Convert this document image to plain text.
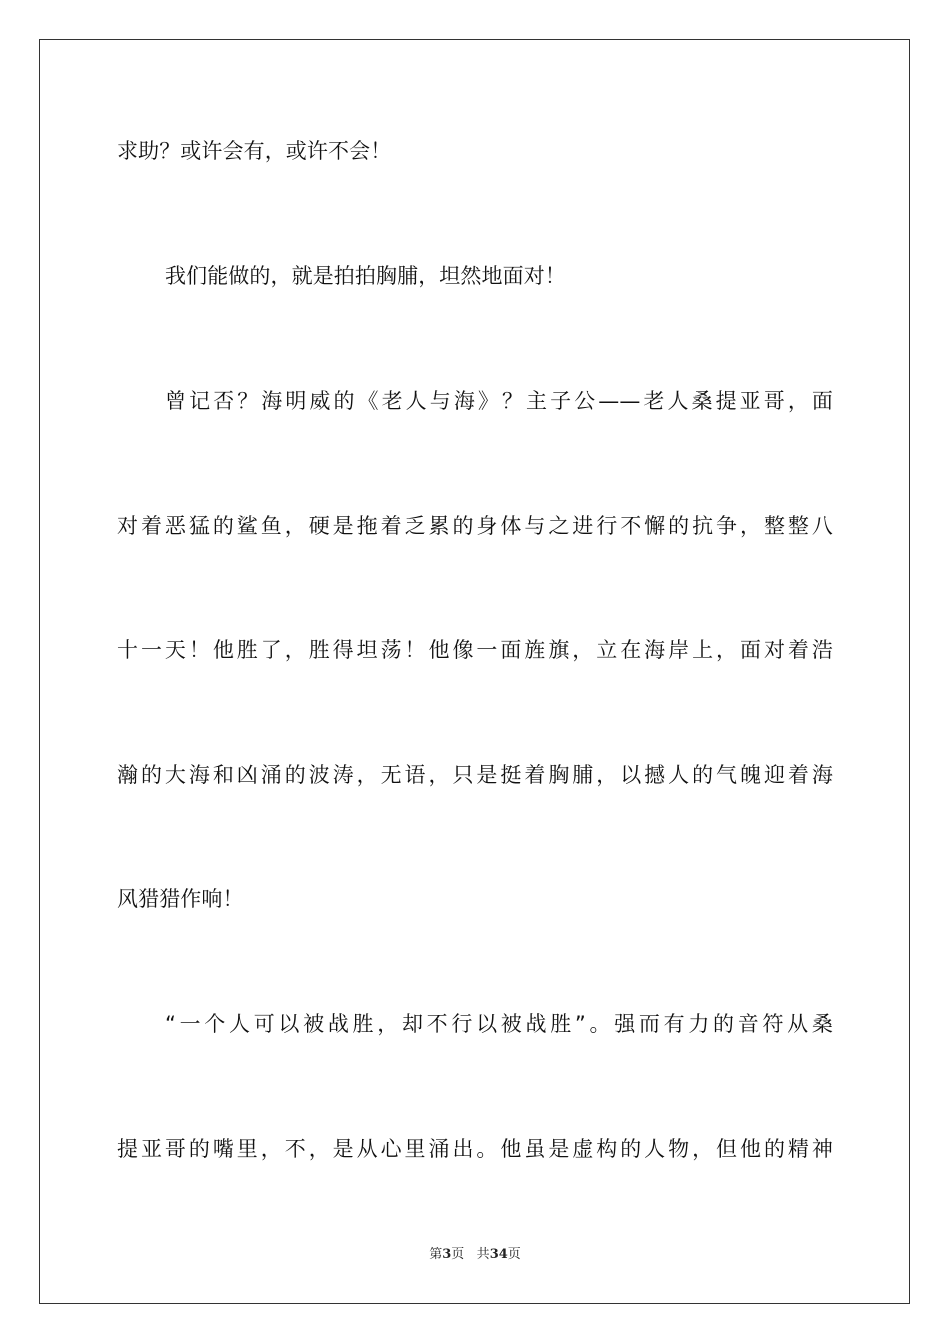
求助？或许会有，或许不会！
我们能做的，就是拍拍胸脯，坦然地面对！
曾记否？海明威的《老人与海》？主子公——老人桑提亚哥，面
对着恶猛的鲨鱼，硬是拖着乏累的身体与之进行不懈的抗争，整整八
十一天！他胜了，胜得坦荡！他像一面旌旗，立在海岸上，面对着浩
瀚的大海和凶涌的波涛，无语，只是挺着胸脯，以撼人的气魄迎着海
风猎猎作响！
“一个人可以被战胜，却不行以被战胜”。强而有力的音符从桑
提亚哥的嘴里，不，是从心里涌出。他虽是虚构的人物，但他的精神
第3页 共34页
